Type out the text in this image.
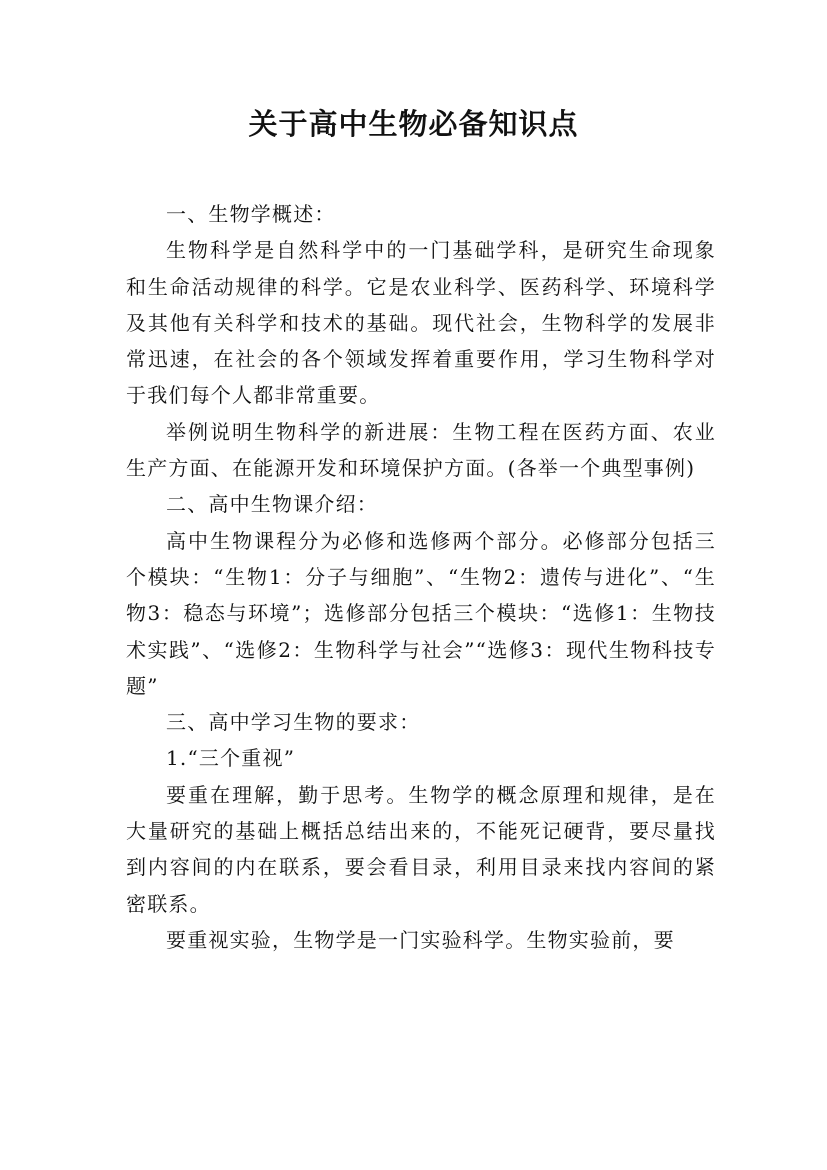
关于高中生物必备知识点

一、生物学概述：

生物科学是自然科学中的一门基础学科，是研究生命现象和生命活动规律的科学。它是农业科学、医药科学、环境科学及其他有关科学和技术的基础。现代社会，生物科学的发展非常迅速，在社会的各个领域发挥着重要作用，学习生物科学对于我们每个人都非常重要。

举例说明生物科学的新进展：生物工程在医药方面、农业生产方面、在能源开发和环境保护方面。(各举一个典型事例)

二、高中生物课介绍：

高中生物课程分为必修和选修两个部分。必修部分包括三个模块：“生物1：分子与细胞”、“生物2：遗传与进化”、“生物3：稳态与环境”；选修部分包括三个模块：“选修1：生物技术实践”、“选修2：生物科学与社会”“选修3：现代生物科技专题”

三、高中学习生物的要求：

1.“三个重视”

要重在理解，勤于思考。生物学的概念原理和规律，是在大量研究的基础上概括总结出来的，不能死记硬背，要尽量找到内容间的内在联系，要会看目录，利用目录来找内容间的紧密联系。

要重视实验，生物学是一门实验科学。生物实验前，要
